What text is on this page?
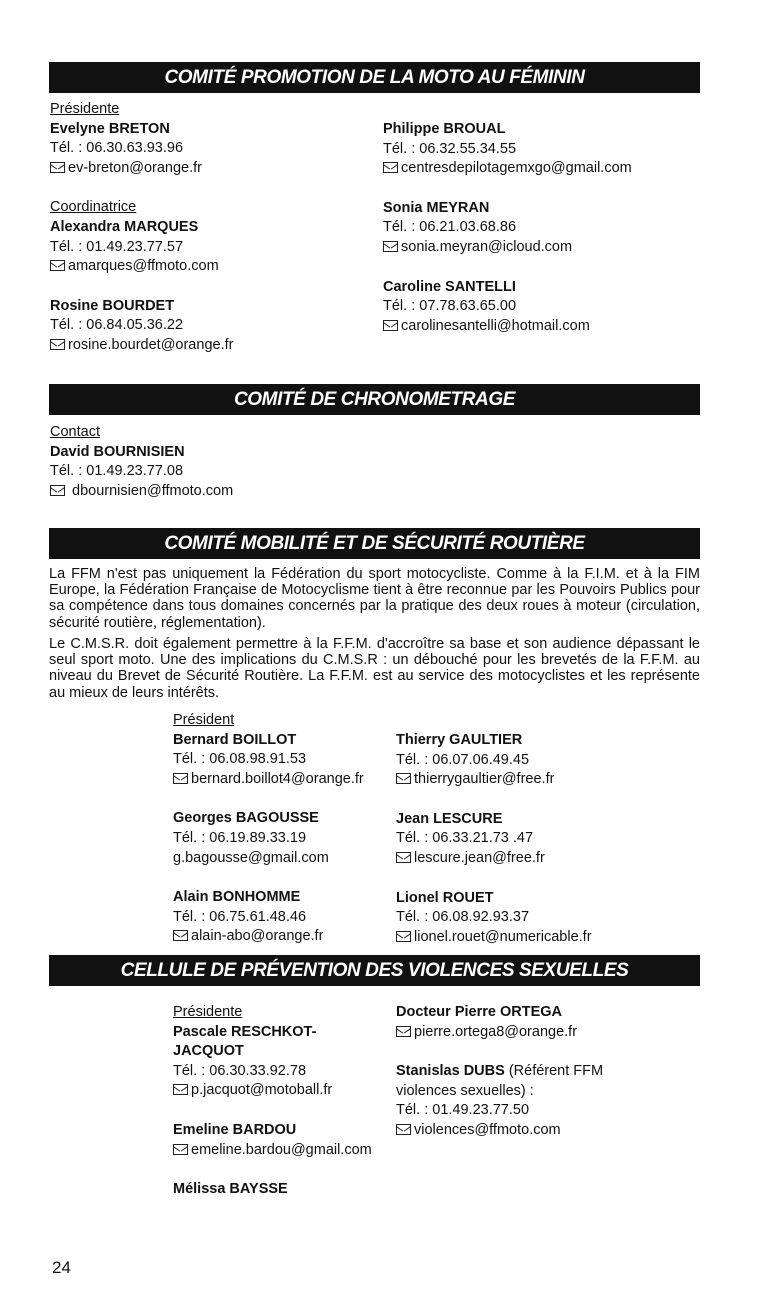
COMITÉ PROMOTION DE LA MOTO AU FÉMININ
Présidente
Evelyne BRETON
Tél. : 06.30.63.93.96
ev-breton@orange.fr
Coordinatrice
Alexandra MARQUES
Tél. : 01.49.23.77.57
amarques@ffmoto.com
Rosine BOURDET
Tél. : 06.84.05.36.22
rosine.bourdet@orange.fr
Philippe BROUAL
Tél. : 06.32.55.34.55
centresdepilotagemxgo@gmail.com
Sonia MEYRAN
Tél. : 06.21.03.68.86
sonia.meyran@icloud.com
Caroline SANTELLI
Tél. : 07.78.63.65.00
carolinesantelli@hotmail.com
COMITÉ DE CHRONOMETRAGE
Contact
David BOURNISIEN
Tél. : 01.49.23.77.08
dbournisien@ffmoto.com
COMITÉ MOBILITÉ ET DE SÉCURITÉ ROUTIÈRE
La FFM n'est pas uniquement la Fédération du sport motocycliste. Comme à la F.I.M. et à la FIM Europe, la Fédération Française de Motocyclisme tient à être reconnue par les Pouvoirs Publics pour sa compétence dans tous domaines concernés par la pratique des deux roues à moteur (circulation, sécurité routière, réglementation).
Le C.M.S.R. doit également permettre à la F.F.M. d'accroître sa base et son audience dépassant le seul sport moto. Une des implications du C.M.S.R : un débouché pour les brevetés de la F.F.M. au niveau du Brevet de Sécurité Routière. La F.F.M. est au service des motocyclistes et les représente au mieux de leurs intérêts.
Président
Bernard BOILLOT
Tél. : 06.08.98.91.53
bernard.boillot4@orange.fr
Georges BAGOUSSE
Tél. : 06.19.89.33.19
g.bagousse@gmail.com
Alain BONHOMME
Tél. : 06.75.61.48.46
alain-abo@orange.fr
Thierry GAULTIER
Tél. : 06.07.06.49.45
thierrygaultier@free.fr
Jean LESCURE
Tél. : 06.33.21.73 .47
lescure.jean@free.fr
Lionel ROUET
Tél. : 06.08.92.93.37
lionel.rouet@numericable.fr
CELLULE DE PRÉVENTION DES VIOLENCES SEXUELLES
Présidente
Pascale RESCHKOT-
JACQUOT
Tél. : 06.30.33.92.78
p.jacquot@motoball.fr
Emeline BARDOU
emeline.bardou@gmail.com
Mélissa BAYSSE
Docteur Pierre ORTEGA
pierre.ortega8@orange.fr
Stanislas DUBS (Référent FFM
violences sexuelles) :
Tél. : 01.49.23.77.50
violences@ffmoto.com
24
